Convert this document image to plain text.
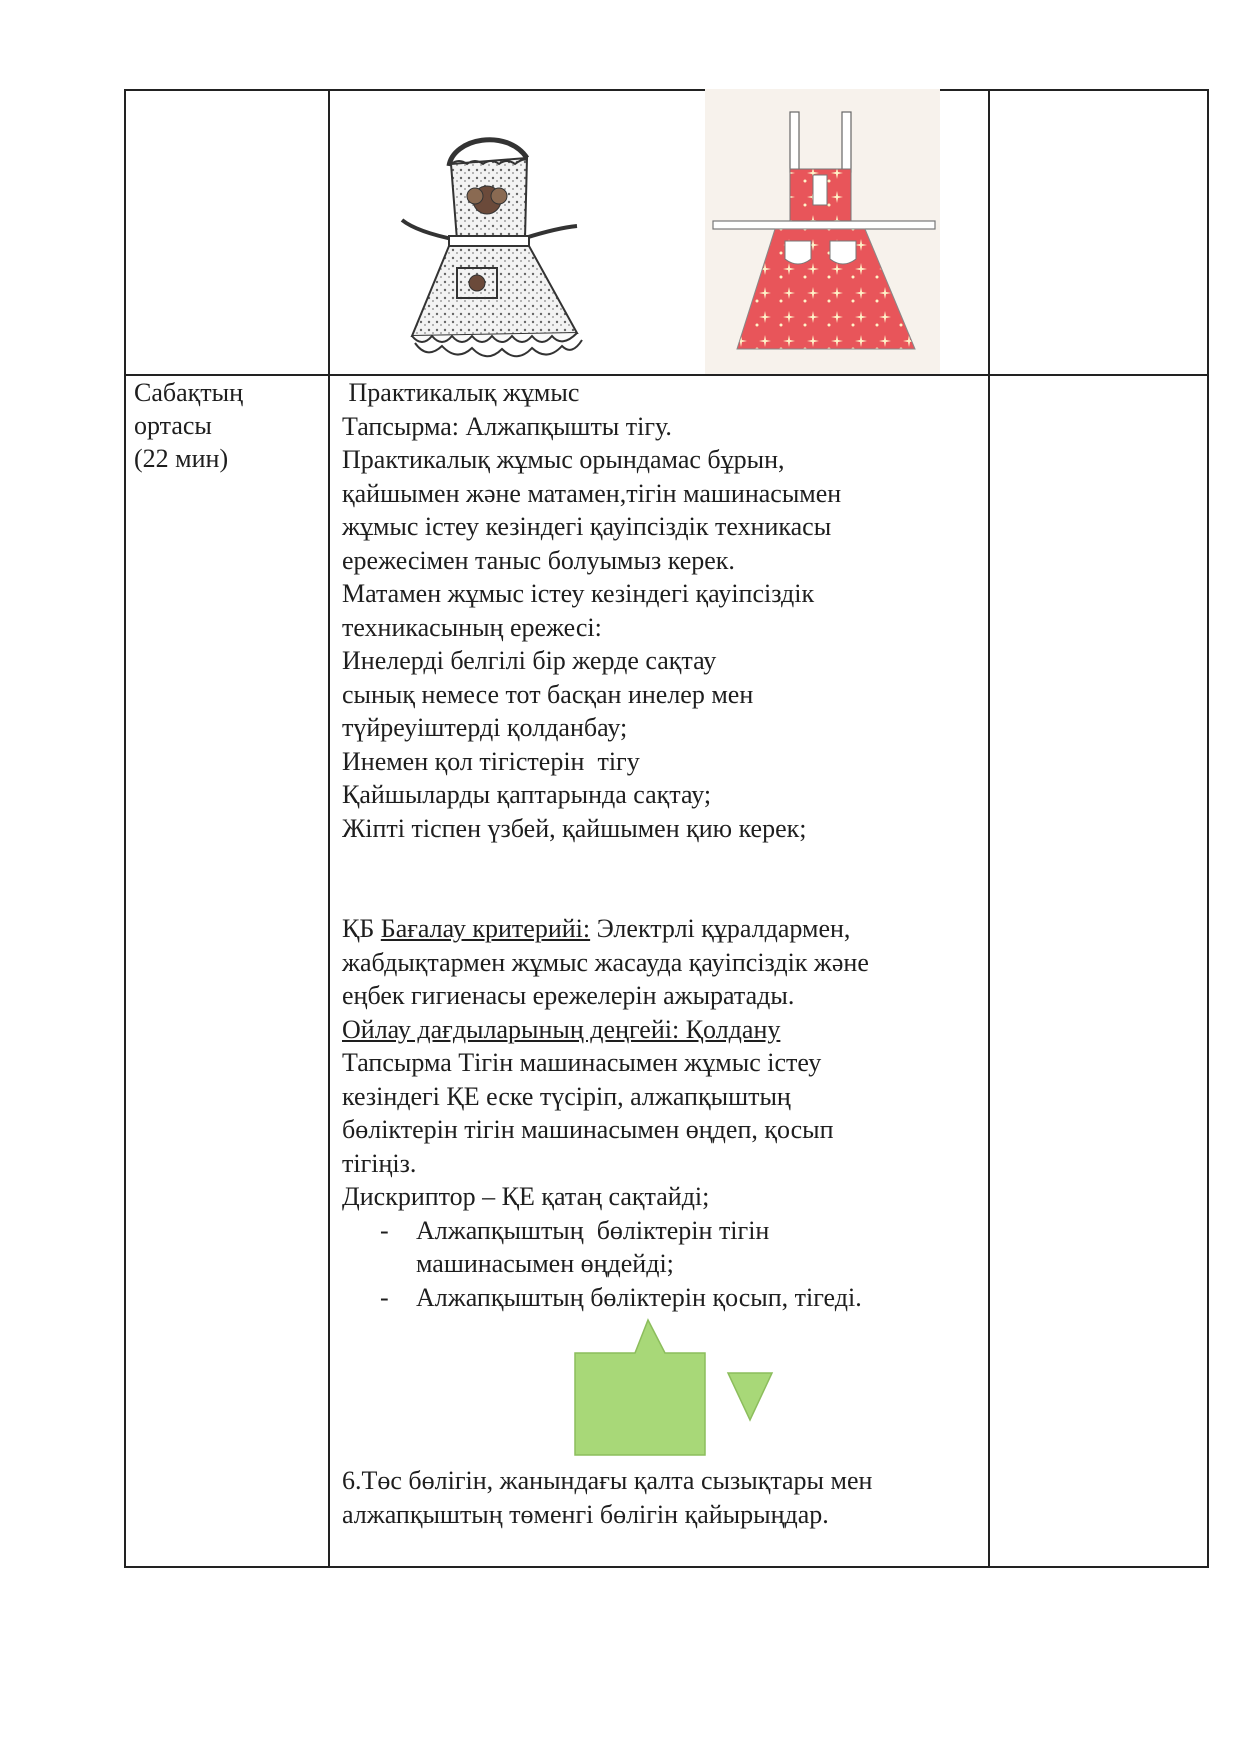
Сабақтың
ортасы
(22 мин)

Практикалық жұмыс

Тапсырма: Алжапқышты тігу.

Практикалық жұмыс орындамас бұрын,

қайшымен және матамен,тігін машинасымен

жұмыс істеу кезіндегі қауіпсіздік техникасы

ережесімен таныс болуымыз керек.

Матамен жұмыс істеу кезіндегі қауіпсіздік

техникасының ережесі:

Инелерді белгілі бір жерде сақтау

сынық немесе тот басқан инелер мен

түйреуіштерді қолданбау;

Инемен қол тігістерін  тігу

Қайшыларды қаптарында сақтау;

Жіпті тіспен үзбей, қайшымен қию керек;

ҚБ Бағалау критерийі: Электрлі құралдармен,

жабдықтармен жұмыс жасауда қауіпсіздік және

еңбек гигиенасы ережелерін ажыратады.

Ойлау дағдыларының деңгейі: Қолдану

Тапсырма Тігін машинасымен жұмыс істеу

кезіндегі ҚЕ еске түсіріп, алжапқыштың

бөліктерін тігін машинасымен өңдеп, қосып

тігіңіз.

Дискриптор – ҚЕ қатаң сақтайді;

- Алжапқыштың  бөліктерін тігін
машинасымен өңдейді;
- Алжапқыштың бөліктерін қосып, тігеді.

6.Төс бөлігін, жанындағы қалта сызықтары мен

алжапқыштың төменгі бөлігін қайырыңдар.
